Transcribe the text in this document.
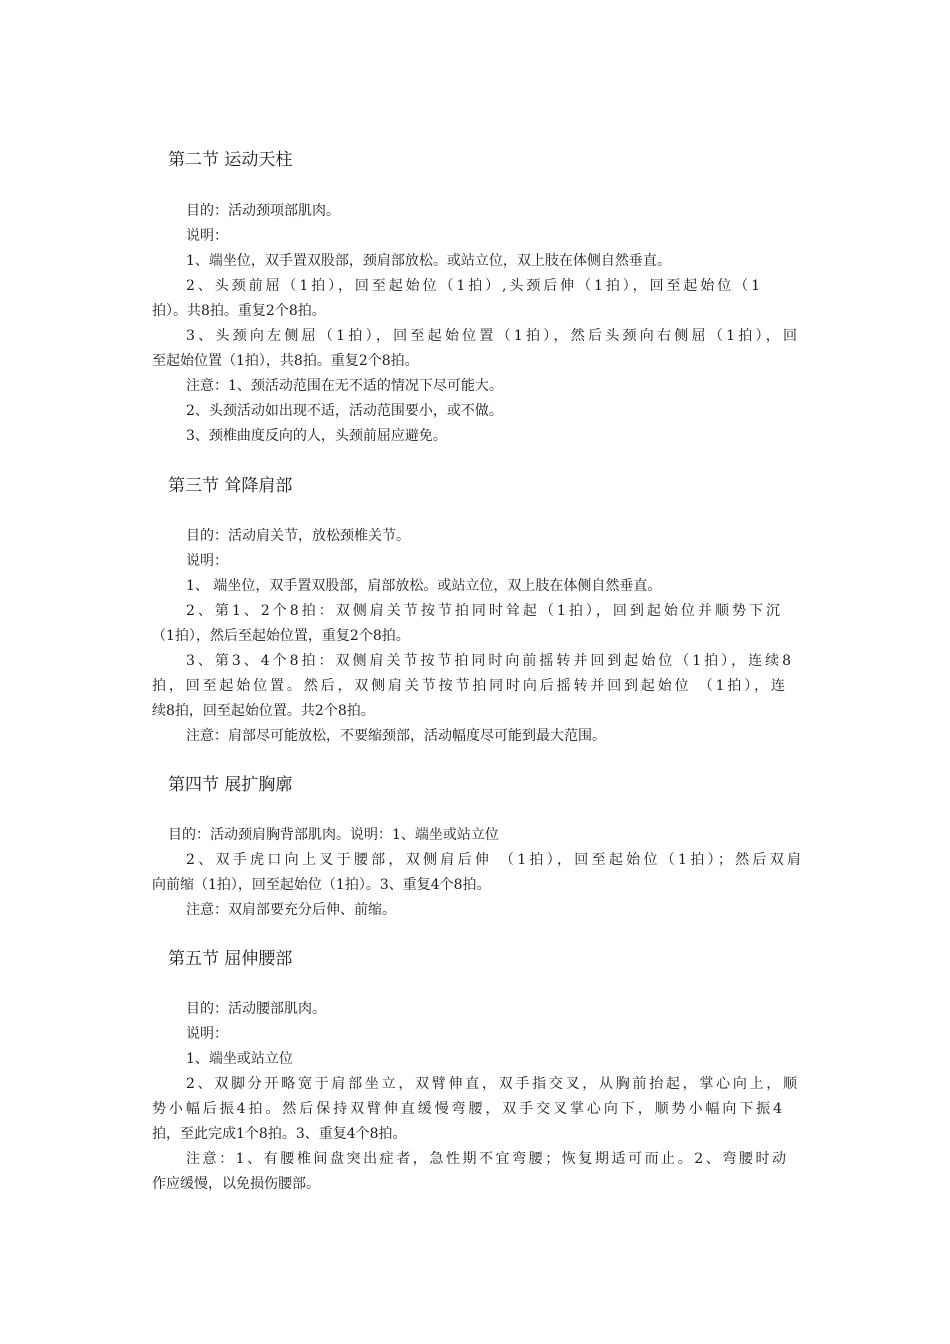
第二节 运动天柱
目的：活动颈项部肌肉。
说明：
1、端坐位，双手置双股部，颈肩部放松。或站立位，双上肢在体侧自然垂直。
2、头颈前屈（1拍），回至起始位（1拍）,头颈后伸（1拍），回至起始位（1
拍）。共8拍。重复2个8拍。
3、头颈向左侧屈（1拍），回至起始位置（1拍），然后头颈向右侧屈（1拍），回
至起始位置（1拍），共8拍。重复2个8拍。
注意：1、颈活动范围在无不适的情况下尽可能大。
2、头颈活动如出现不适，活动范围要小，或不做。
3、颈椎曲度反向的人，头颈前屈应避免。
第三节 耸降肩部
目的：活动肩关节，放松颈椎关节。
说明：
1、 端坐位，双手置双股部，肩部放松。或站立位，双上肢在体侧自然垂直。
2、第1、2个8拍：双侧肩关节按节拍同时耸起（1拍），回到起始位并顺势下沉
（1拍），然后至起始位置，重复2个8拍。
3、第3、4个8拍：双侧肩关节按节拍同时向前摇转并回到起始位（1拍），连续8
拍，回至起始位置。然后，双侧肩关节按节拍同时向后摇转并回到起始位 （1拍），连
续8拍，回至起始位置。共2个8拍。
注意：肩部尽可能放松，不要缩颈部，活动幅度尽可能到最大范围。
第四节 展扩胸廓
目的：活动颈肩胸背部肌肉。说明：1、端坐或站立位
2、双手虎口向上叉于腰部，双侧肩后伸 （1拍），回至起始位（1拍）；然后双肩
向前缩（1拍），回至起始位（1拍）。3、重复4个8拍。
注意：双肩部要充分后伸、前缩。
第五节 屈伸腰部
目的：活动腰部肌肉。
说明：
1、端坐或站立位
2、双脚分开略宽于肩部坐立，双臂伸直，双手指交叉，从胸前抬起，掌心向上，顺
势小幅后振4拍。然后保持双臂伸直缓慢弯腰，双手交叉掌心向下，顺势小幅向下振4
拍，至此完成1个8拍。3、重复4个8拍。
注意：1、有腰椎间盘突出症者，急性期不宜弯腰；恢复期适可而止。2、弯腰时动
作应缓慢，以免损伤腰部。
